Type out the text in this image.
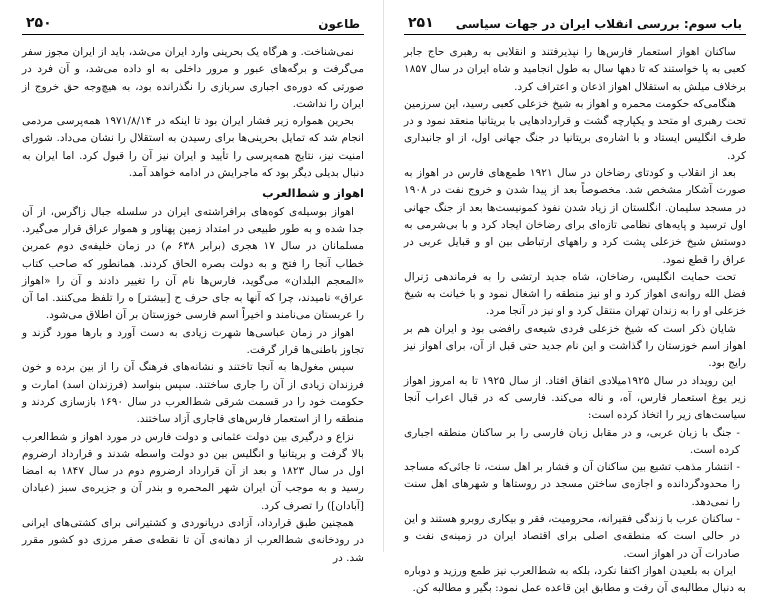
طاعون
۲۵۰

نمی‌شناخت. و هرگاه یک بحرینی وارد ایران می‌شد، باید از ایران مجوز سفر می‌گرفت و برگه‌های عبور و مرور داخلی به او داده می‌شد، و آن فرد در صورتی که دوره‌ی اجباری سربازی را نگذرانده بود، به هیچ‌وجه حق خروج از ایران را نداشت.

بحرین همواره زیر فشار ایران بود تا اینکه در ۱۹۷۱/۸/۱۴ همه‌پرسی مردمی انجام شد که تمایل بحرینی‌ها برای رسیدن به استقلال را نشان می‌داد. شورای امنیت نیز، نتایج همه‌پرسی را تأیید و ایران نیز آن را قبول کرد. اما ایران به دنبال بدیلی دیگر بود که ماجرایش در ادامه خواهد آمد.

اهواز و شط‌العرب

اهواز بوسیله‌ی کوه‌های برافراشته‌ی ایران در سلسله جبال زاگرس، از آن جدا شده و به طور طبیعی در امتداد زمین پهناور و هموار عراق قرار می‌گیرد. مسلمانان در سال ۱۷ هجری (برابر ۶۳۸ م) در زمان خلیفه‌ی دوم عمربن خطاب آنجا را فتح و به دولت بصره الحاق کردند. همانطور که صاحب کتاب «المعجم البلدان» می‌گوید، فارس‌ها نام آن را تغییر دادند و آن را «اهواز عراق» نامیدند، چرا که آنها به جای حرف ح [بیشتر] ه را تلفظ می‌کنند. اما آن را عربستان می‌نامند و اخیراً اسم فارسی خوزستان بر آن اطلاق می‌شود.

اهواز در زمان عباسی‌ها شهرت زیادی به دست آورد و بارها مورد گزند و تجاوز باطنی‌ها قرار گرفت.

سپس مغول‌ها به آنجا تاختند و نشانه‌های فرهنگ آن را از بین برده و خون فرزندان زیادی از آن را جاری ساختند. سپس بنواسد (فرزندان اسد) امارت و حکومت خود را در قسمت شرقی شط‌العرب در سال ۱۶۹۰ بازسازی کردند و منطقه را از استعمار فارس‌های قاجاری آزاد ساختند.

نزاع و درگیری بین دولت عثمانی و دولت فارس در مورد اهواز و شط‌العرب بالا گرفت و بریتانیا و انگلیس بین دو دولت واسطه شدند و قرارداد ارضروم اول در سال ۱۸۲۳ و بعد از آن قرارداد ارضروم دوم در سال ۱۸۴۷ به امضا رسید و به موجب آن ایران شهر المحمره و بندر آن و جزیره‌ی سبز (عبادان [آبادان]) را تصرف کرد.

همچنین طبق قرارداد، آزادی دریانوردی و کشتیرانی برای کشتی‌های ایرانی در رودخانه‌ی شط‌العرب از دهانه‌ی آن تا نقطه‌ی صفر مرزی دو کشور مقرر شد. در

باب سوم: بررسی انقلاب ایران در جهات سیاسی
۲۵۱

ساکنان اهواز استعمار فارس‌ها را نپذیرفتند و انقلابی به رهبری حاج جابر کعبی به پا خواستند که تا دهها سال به طول انجامید و شاه ایران در سال ۱۸۵۷ برخلاف میلش به استقلال اهواز اذعان و اعتراف کرد.

هنگامی‌که حکومت محمره و اهواز به شیخ خزعلی کعبی رسید، این سرزمین تحت رهبری او متحد و یکپارچه گشت و قراردادهایی با بریتانیا منعقد نمود و در طرف انگلیس ایستاد و با اشاره‌ی بریتانیا در جنگ جهانی اول، از او جانبداری کرد.

بعد از انقلاب و کودتای رضاخان در سال ۱۹۲۱ طمع‌های فارس در اهواز به صورت آشکار مشخص شد. مخصوصاً بعد از پیدا شدن و خروج نفت در ۱۹۰۸ در مسجد سلیمان. انگلستان از زیاد شدن نفوذ کمونیست‌ها بعد از جنگ جهانی اول ترسید و پایه‌های نظامی تازه‌ای برای رضاخان ایجاد کرد و با بی‌شرمی به دوستش شیخ خزعلی پشت کرد و راههای ارتباطی بین او و قبایل عربی در عراق را قطع نمود.

تحت حمایت انگلیس، رضاخان، شاه جدید ارتشی را به فرماندهی ژنرال فضل الله روانه‌ی اهواز کرد و او نیز منطقه را اشغال نمود و با خیانت به شیخ خزعلی او را به زندان تهران منتقل کرد و او نیز در آنجا مرد.

شایان ذکر است که شیخ خزعلی فردی شیعه‌ی رافضی بود و ایران هم بر اهواز اسم خوزستان را گذاشت و این نام جدید حتی قبل از آن، برای اهواز نیز رایج بود.

این رویداد در سال ۱۹۲۵میلادی اتفاق افتاد. از سال ۱۹۲۵ تا به امروز اهواز زیر یوغ استعمار فارس، آه، و ناله می‌کند. فارسی که در قبال اعراب آنجا سیاست‌های زیر را اتخاذ کرده است:

- جنگ با زبان عربی، و در مقابل زبان فارسی را بر ساکنان منطقه اجباری کرده است.

- انتشار مذهب تشیع بین ساکنان آن و فشار بر اهل سنت، تا جائی‌که مساجد را محدودگردانده و اجازه‌ی ساختن مسجد در روستاها و شهرهای اهل سنت را نمی‌دهد.

- ساکنان عرب با زندگی فقیرانه، محرومیت، فقر و بیکاری روبرو هستند و این در حالی است که منطقه‌ی اصلی برای اقتصاد ایران در زمینه‌ی نفت و صادرات آن در اهواز است.

ایران به بلعیدن اهواز اکتفا نکرد، بلکه به شط‌العرب نیز طمع ورزید و دوباره به دنبال مطالبه‌ی آن رفت و مطابق این قاعده عمل نمود: بگیر و مطالبه کن.
